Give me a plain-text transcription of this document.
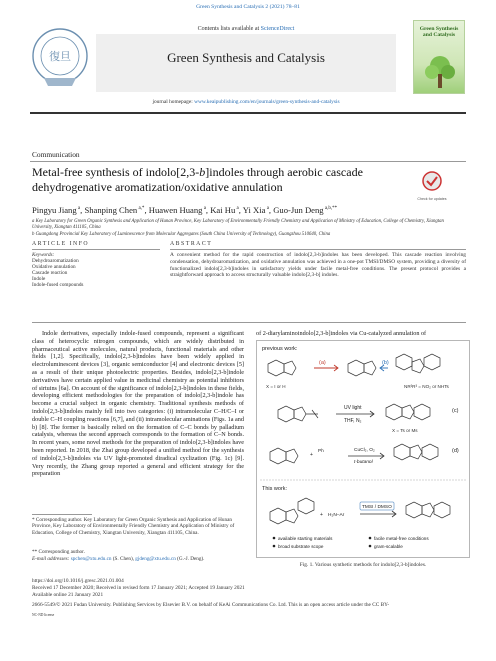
Green Synthesis and Catalysis 2 (2021) 78–81
復旦
Contents lists available at ScienceDirect
Green Synthesis and Catalysis
journal homepage: www.keaipublishing.com/en/journals/green-synthesis-and-catalysis
Green Synthesis and Catalysis
Communication
Metal-free synthesis of indolo[2,3-b]indoles through aerobic cascade
dehydrogenative aromatization/oxidative annulation
Check for updates
Pingyu Jiang $^a$, Shanping Chen $^{a,*}$, Huawen Huang $^a$, Kai Hu $^a$, Yi Xia $^a$, Guo-Jun Deng $^{a,b,**}$
a Key Laboratory for Green Organic Synthesis and Application of Hunan Province, Key Laboratory of Environmentally Friendly Chemistry and Application of Ministry of Education, College of Chemistry, Xiangtan University, Xiangtan 411105, China
b Guangdong Provincial Key Laboratory of Luminescence from Molecular Aggregates (South China University of Technology), Guangzhou 510640, China
ARTICLE INFO
Keywords:
Dehydroaromatization
Oxidative annulation
Cascade reaction
Indole
Indole-fused compounds
ABSTRACT
A convenient method for the rapid construction of indolo[2,3-b]indoles has been developed. This cascade reaction involving condensation, dehydroaromatization, and oxidative annulation was achieved in a one-pot TMSI/DMSO system, providing a diversity of functionalized indolo[2,3-b]indoles in satisfactory yields under facile metal-free conditions. The present protocol provides a straightforward approach to access structurally valuable indolo[2,3-b] indoles.
Indole derivatives, especially indole-fused compounds, represent a significant class of heterocyclic nitrogen compounds, which are widely distributed in pharmaceutical active molecules, natural products, functional materials and other fields [1,2]. Specifically, indolo[2,3-b]indoles have been widely applied in electroluminescent devices [3], organic semiconductor [4] and electronic devices [5] as a result of their unique photoelectric properties. Besides, indolo[2,3-b]indole derivatives have certain applied value in medicinal chemistry as potential inhibitors of sirtuins [6a]. On account of the significance of indolo[2,3-b]indoles in these fields, developing efficient methodologies for the preparation of indolo[2,3-b]indole has become a crucial subject in organic chemistry. Traditional synthesis methods of indolo[2,3-b]indoles mainly fell into two categories: (i) intramolecular C–H/C–I or double C–H coupling reactions [6,7], and (ii) intramolecular aminations (Figs. 1a and b) [8]. The former is basically relied on the formation of C–C bonds by palladium catalysis, whereas the second approach corresponds to the formation of C–N bonds. In recent years, some novel methods for the preparation of indolo[2,3-b]indoles have been reported. In 2018, the Zhai group developed a unified method for the synthesis of indolo[2,3-b]indoles via UV light-promoted diradical cyclization (Fig. 1c) [9]. Very recently, the Zhang group reported a general and efficient strategy for the preparation
of 2-diarylaminoindolo[2,3-b]indoles via Cu-catalyzed annulation of
* Corresponding author. Key Laboratory for Green Organic Synthesis and Application of Hunan Province, Key Laboratory of Environmentally Friendly Chemistry and Application of Ministry of Education, College of Chemistry, Xiangtan University, Xiangtan 411105, China.
** Corresponding author.
E-mail addresses: spchen@xtu.edu.cn (S. Chen), gjdeng@xtu.edu.cn (G.-J. Deng).
previous work:
(a)	(b)
X = I or H	NR²R³ = NO₂ or NHTs
UV light
THF, N₂
(c)
X = Ts or Ms
+
Ph	CuCl₂, O₂
t-butanol
(d)
This work:
+ H₂N–Ar
TMSI / DMSO
available starting materials
broad substrate scope
facile metal-free conditions
gram-scalable
Fig. 1. Various synthetic methods for indolo[2,3-b]indoles.
https://doi.org/10.1016/j.gresc.2021.01.004
Received 17 December 2020; Received in revised form 17 January 2021; Accepted 19 January 2021
Available online 21 January 2021
2666-5549/© 2021 Fudan University. Publishing Services by Elsevier B.V. on behalf of KeAi Communications Co. Ltd. This is an open access article under the CC BY-
NC-ND license
